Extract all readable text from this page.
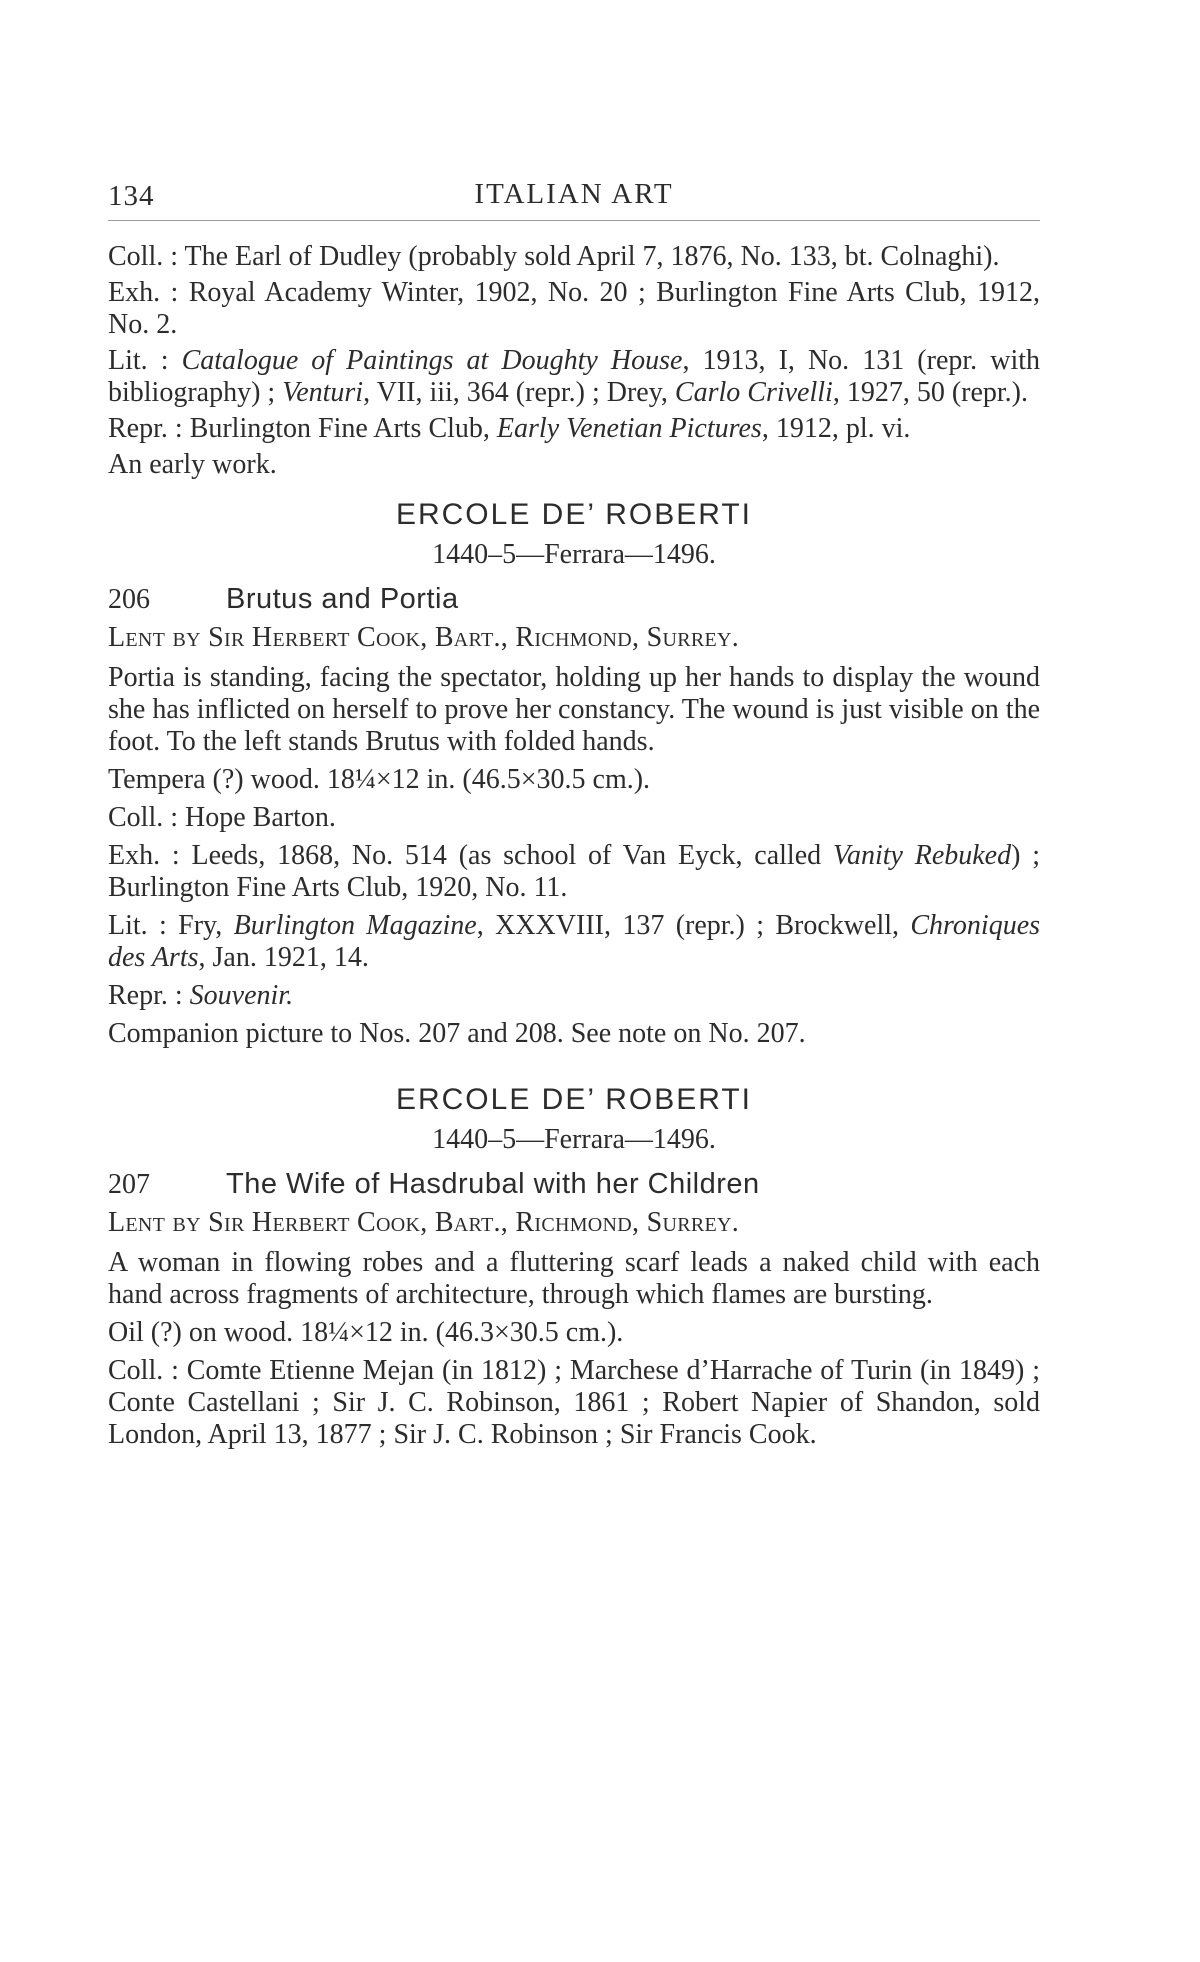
134	ITALIAN ART

Coll. : The Earl of Dudley (probably sold April 7, 1876, No. 133, bt. Colnaghi).

Exh. : Royal Academy Winter, 1902, No. 20 ; Burlington Fine Arts Club, 1912, No. 2.

Lit. : Catalogue of Paintings at Doughty House, 1913, I, No. 131 (repr. with bibliography) ; Venturi, VII, iii, 364 (repr.) ; Drey, Carlo Crivelli, 1927, 50 (repr.).

Repr. : Burlington Fine Arts Club, Early Venetian Pictures, 1912, pl. vi.

An early work.

ERCOLE DE’ ROBERTI
1440–5—Ferrara—1496.
206	Brutus and Portia

Lent by Sir Herbert Cook, Bart., Richmond, Surrey.

Portia is standing, facing the spectator, holding up her hands to display the wound she has inflicted on herself to prove her constancy. The wound is just visible on the foot. To the left stands Brutus with folded hands.

Tempera (?) wood. 18¼×12 in. (46.5×30.5 cm.).

Coll. : Hope Barton.

Exh. : Leeds, 1868, No. 514 (as school of Van Eyck, called Vanity Rebuked) ; Burlington Fine Arts Club, 1920, No. 11.

Lit. : Fry, Burlington Magazine, XXXVIII, 137 (repr.) ; Brockwell, Chroniques des Arts, Jan. 1921, 14.

Repr. : Souvenir.

Companion picture to Nos. 207 and 208. See note on No. 207.

ERCOLE DE’ ROBERTI
1440–5—Ferrara—1496.
207	The Wife of Hasdrubal with her Children

Lent by Sir Herbert Cook, Bart., Richmond, Surrey.

A woman in flowing robes and a fluttering scarf leads a naked child with each hand across fragments of architecture, through which flames are bursting.

Oil (?) on wood. 18¼×12 in. (46.3×30.5 cm.).

Coll. : Comte Etienne Mejan (in 1812) ; Marchese d’Harrache of Turin (in 1849) ; Conte Castellani ; Sir J. C. Robinson, 1861 ; Robert Napier of Shandon, sold London, April 13, 1877 ; Sir J. C. Robinson ; Sir Francis Cook.
